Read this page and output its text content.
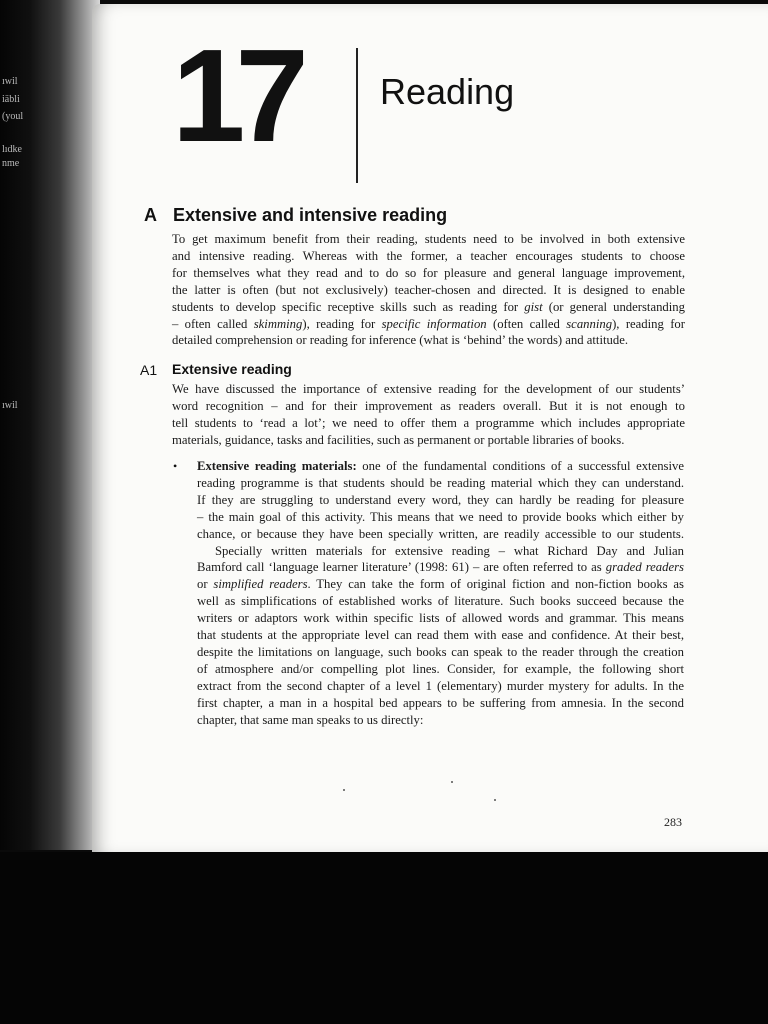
ıwil
iäbli
(youl
lıdke
nme
ıwil
17 Reading
A Extensive and intensive reading
To get maximum benefit from their reading, students need to be involved in both extensive
and intensive reading. Whereas with the former, a teacher encourages students to choose
for themselves what they read and to do so for pleasure and general language improvement,
the latter is often (but not exclusively) teacher-chosen and directed. It is designed to enable
students to develop specific receptive skills such as reading for gist (or general understanding
– often called skimming), reading for specific information (often called scanning), reading for
detailed comprehension or reading for inference (what is ‘behind’ the words) and attitude.
A1 Extensive reading
We have discussed the importance of extensive reading for the development of our students’
word recognition – and for their improvement as readers overall. But it is not enough to
tell students to ‘read a lot’; we need to offer them a programme which includes appropriate
materials, guidance, tasks and facilities, such as permanent or portable libraries of books.
• Extensive reading materials: one of the fundamental conditions of a successful extensive
reading programme is that students should be reading material which they can understand.
If they are struggling to understand every word, they can hardly be reading for pleasure
– the main goal of this activity. This means that we need to provide books which either by
chance, or because they have been specially written, are readily accessible to our students.
Specially written materials for extensive reading – what Richard Day and Julian
Bamford call ‘language learner literature’ (1998: 61) – are often referred to as graded readers
or simplified readers. They can take the form of original fiction and non-fiction books as
well as simplifications of established works of literature. Such books succeed because the
writers or adaptors work within specific lists of allowed words and grammar. This means
that students at the appropriate level can read them with ease and confidence. At their best,
despite the limitations on language, such books can speak to the reader through the creation
of atmosphere and/or compelling plot lines. Consider, for example, the following short
extract from the second chapter of a level 1 (elementary) murder mystery for adults. In the
first chapter, a man in a hospital bed appears to be suffering from amnesia. In the second
chapter, that same man speaks to us directly:
283
